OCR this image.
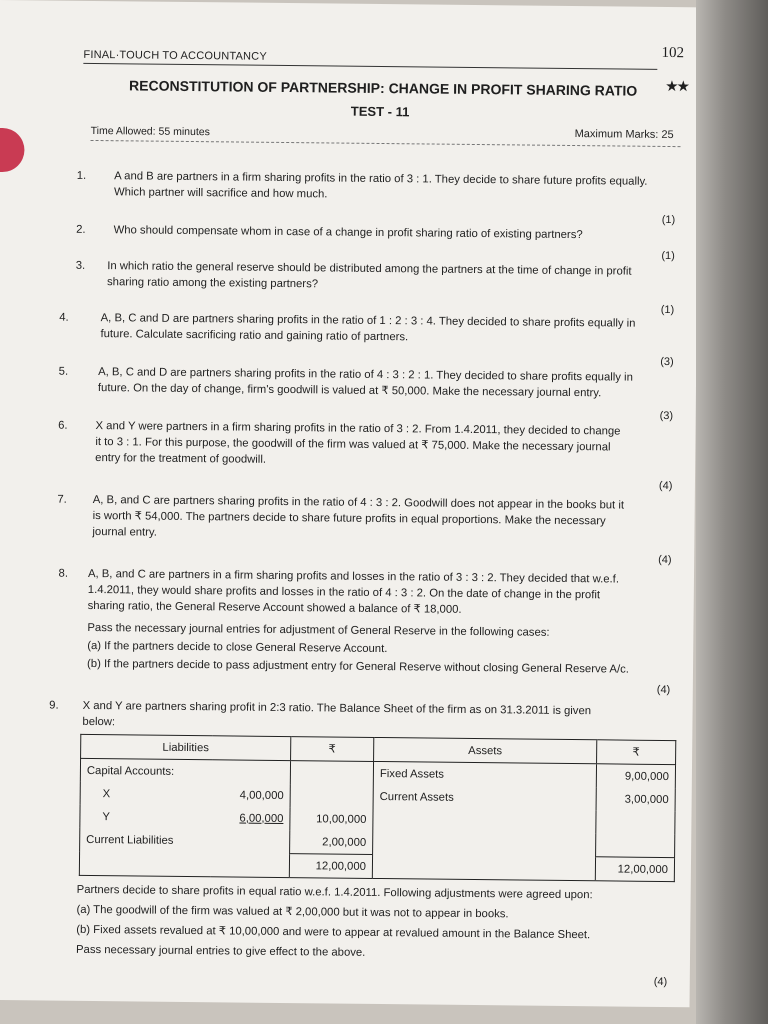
FINAL·TOUCH TO ACCOUNTANCY	102
RECONSTITUTION OF PARTNERSHIP: CHANGE IN PROFIT SHARING RATIO ★★
TEST - 11
Time Allowed: 55 minutes	Maximum Marks: 25
1. A and B are partners in a firm sharing profits in the ratio of 3 : 1. They decide to share future profits equally.
Which partner will sacrifice and how much.
(1)
2. Who should compensate whom in case of a change in profit sharing ratio of existing partners?
(1)
3. In which ratio the general reserve should be distributed among the partners at the time of change in profit
sharing ratio among the existing partners?
(1)
4.	A, B, C and D are partners sharing profits in the ratio of 1 : 2 : 3 : 4. They decided to share profits equally in
future. Calculate sacrificing ratio and gaining ratio of partners.
(3)
5.	A, B, C and D are partners sharing profits in the ratio of 4 : 3 : 2 : 1. They decided to share profits equally in
future. On the day of change, firm's goodwill is valued at ₹ 50,000. Make the necessary journal entry.
(3)
6. X and Y were partners in a firm sharing profits in the ratio of 3 : 2. From 1.4.2011, they decided to change
it to 3 : 1. For this purpose, the goodwill of the firm was valued at ₹ 75,000. Make the necessary journal
entry for the treatment of goodwill.
(4)
7. A, B, and C are partners sharing profits in the ratio of 4 : 3 : 2. Goodwill does not appear in the books but it
is worth ₹ 54,000. The partners decide to share future profits in equal proportions. Make the necessary
journal entry.
(4)
8. A, B, and C are partners in a firm sharing profits and losses in the ratio of 3 : 3 : 2. They decided that w.e.f.
1.4.2011, they would share profits and losses in the ratio of 4 : 3 : 2. On the date of change in the profit
sharing ratio, the General Reserve Account showed a balance of ₹ 18,000.
Pass the necessary journal entries for adjustment of General Reserve in the following cases:
(a) If the partners decide to close General Reserve Account.
(b) If the partners decide to pass adjustment entry for General Reserve without closing General Reserve A/c.
(4)
9. X and Y are partners sharing profit in 2:3 ratio. The Balance Sheet of the firm as on 31.3.2011 is given
below:
Liabilities		₹	Assets	₹
Capital Accounts:			Fixed Assets	9,00,000
X	4,00,000		Current Assets	3,00,000
Y	6,00,000	10,00,000		
Current Liabilities		2,00,000		
		12,00,000		12,00,000
Partners decide to share profits in equal ratio w.e.f. 1.4.2011. Following adjustments were agreed upon:
(a) The goodwill of the firm was valued at ₹ 2,00,000 but it was not to appear in books.
(b) Fixed assets revalued at ₹ 10,00,000 and were to appear at revalued amount in the Balance Sheet.
Pass necessary journal entries to give effect to the above.
(4)
